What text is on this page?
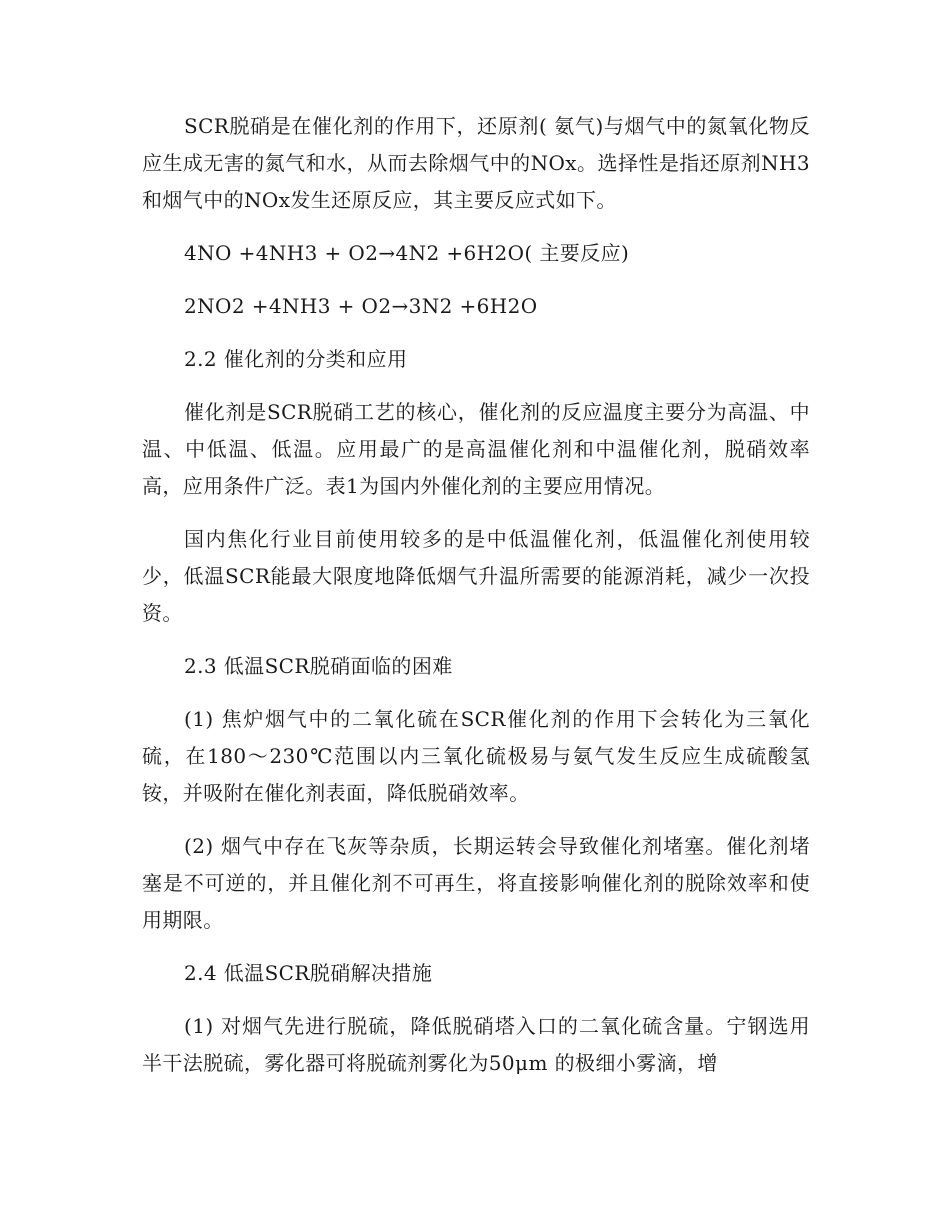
SCR脱硝是在催化剂的作用下，还原剂( 氨气)与烟气中的氮氧化物反应生成无害的氮气和水，从而去除烟气中的NOx。选择性是指还原剂NH3和烟气中的NOx发生还原反应，其主要反应式如下。

4NO +4NH3 + O2→4N2 +6H2O( 主要反应)

2NO2 +4NH3 + O2→3N2 +6H2O

2.2 催化剂的分类和应用

催化剂是SCR脱硝工艺的核心，催化剂的反应温度主要分为高温、中温、中低温、低温。应用最广的是高温催化剂和中温催化剂，脱硝效率高，应用条件广泛。表1为国内外催化剂的主要应用情况。

国内焦化行业目前使用较多的是中低温催化剂，低温催化剂使用较少，低温SCR能最大限度地降低烟气升温所需要的能源消耗，减少一次投资。

2.3 低温SCR脱硝面临的困难

(1) 焦炉烟气中的二氧化硫在SCR催化剂的作用下会转化为三氧化硫，在180～230℃范围以内三氧化硫极易与氨气发生反应生成硫酸氢铵，并吸附在催化剂表面，降低脱硝效率。

(2) 烟气中存在飞灰等杂质，长期运转会导致催化剂堵塞。催化剂堵塞是不可逆的，并且催化剂不可再生，将直接影响催化剂的脱除效率和使用期限。

2.4 低温SCR脱硝解决措施

(1) 对烟气先进行脱硫，降低脱硝塔入口的二氧化硫含量。宁钢选用半干法脱硫，雾化器可将脱硫剂雾化为50μm 的极细小雾滴，增
